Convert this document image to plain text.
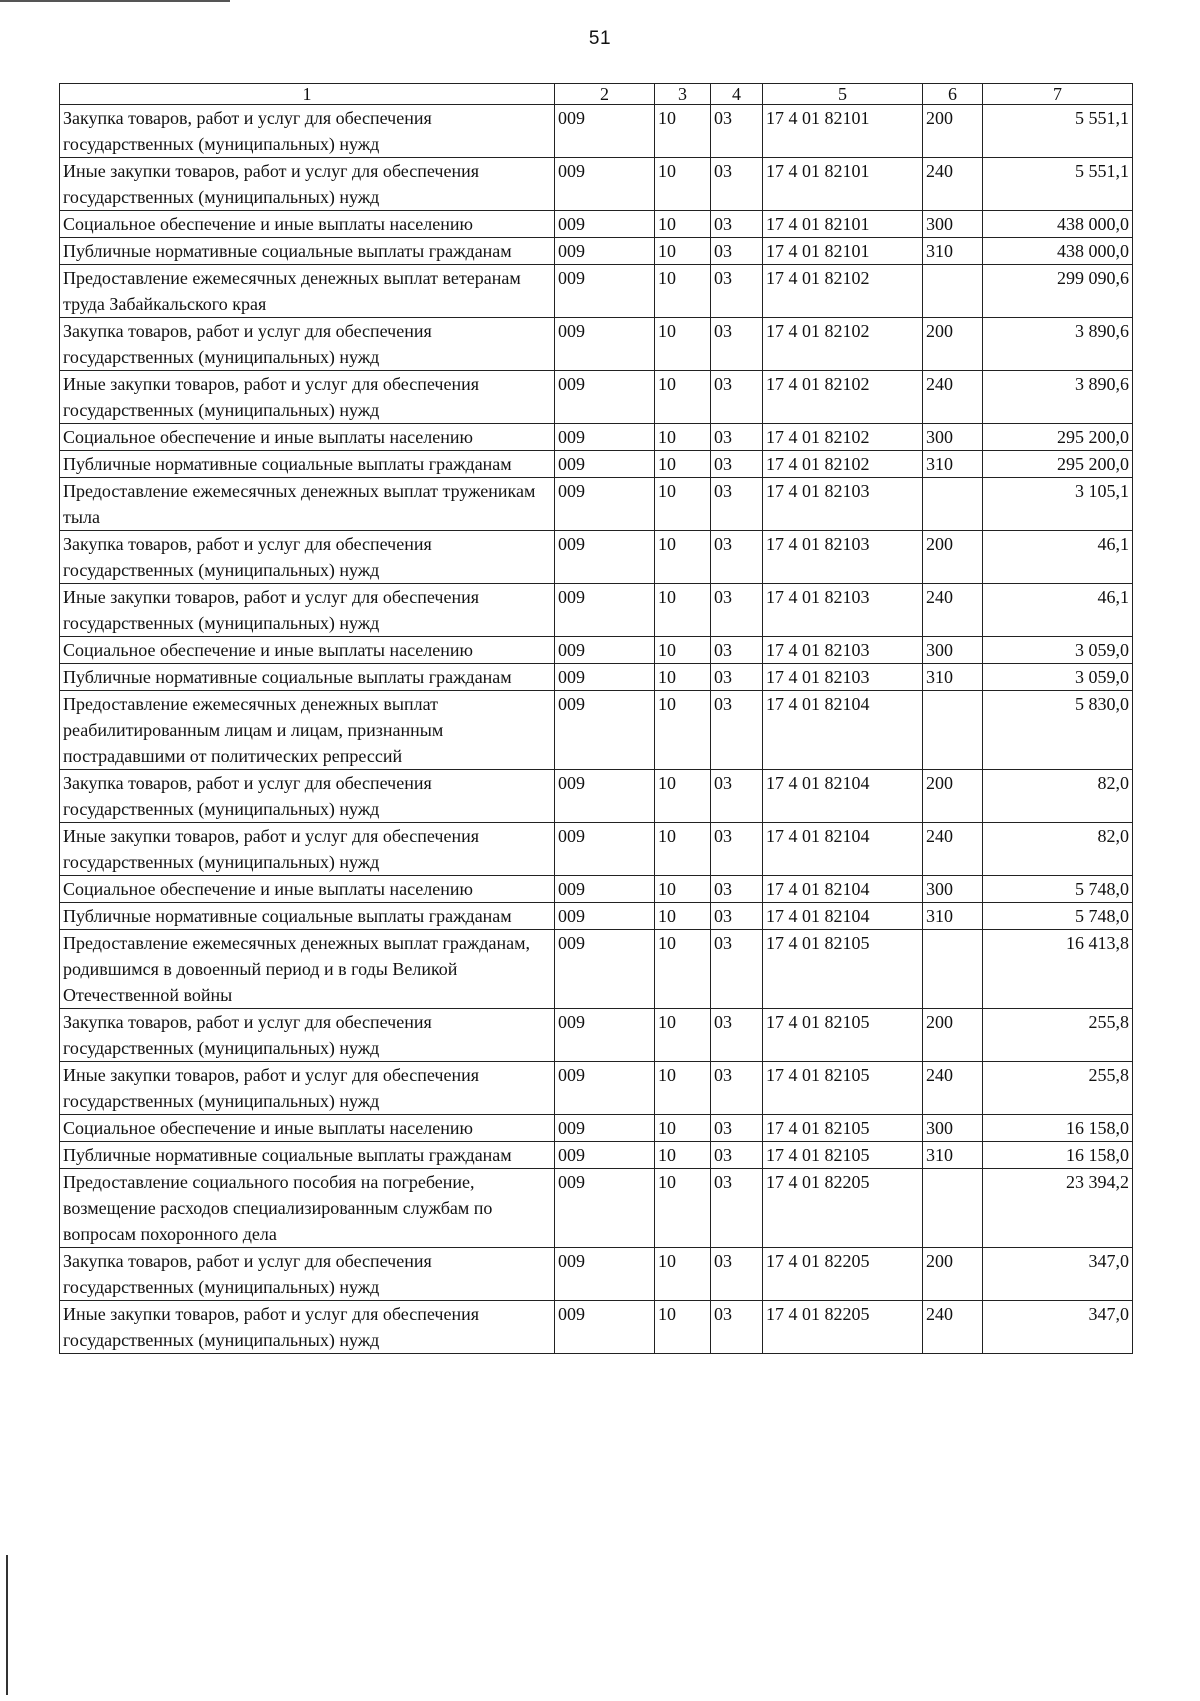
51
1	2	3	4	5	6	7
Закупка товаров, работ и услуг для обеспечения государственных (муниципальных) нужд	009	10	03	17 4 01 82101	200	5 551,1
Иные закупки товаров, работ и услуг для обеспечения государственных (муниципальных) нужд	009	10	03	17 4 01 82101	240	5 551,1
Социальное обеспечение и иные выплаты населению	009	10	03	17 4 01 82101	300	438 000,0
Публичные нормативные социальные выплаты гражданам	009	10	03	17 4 01 82101	310	438 000,0
Предоставление ежемесячных денежных выплат ветеранам труда Забайкальского края	009	10	03	17 4 01 82102		299 090,6
Закупка товаров, работ и услуг для обеспечения государственных (муниципальных) нужд	009	10	03	17 4 01 82102	200	3 890,6
Иные закупки товаров, работ и услуг для обеспечения государственных (муниципальных) нужд	009	10	03	17 4 01 82102	240	3 890,6
Социальное обеспечение и иные выплаты населению	009	10	03	17 4 01 82102	300	295 200,0
Публичные нормативные социальные выплаты гражданам	009	10	03	17 4 01 82102	310	295 200,0
Предоставление ежемесячных денежных выплат труженикам тыла	009	10	03	17 4 01 82103		3 105,1
Закупка товаров, работ и услуг для обеспечения государственных (муниципальных) нужд	009	10	03	17 4 01 82103	200	46,1
Иные закупки товаров, работ и услуг для обеспечения государственных (муниципальных) нужд	009	10	03	17 4 01 82103	240	46,1
Социальное обеспечение и иные выплаты населению	009	10	03	17 4 01 82103	300	3 059,0
Публичные нормативные социальные выплаты гражданам	009	10	03	17 4 01 82103	310	3 059,0
Предоставление ежемесячных денежных выплат реабилитированным лицам и лицам, признанным пострадавшими от политических репрессий	009	10	03	17 4 01 82104		5 830,0
Закупка товаров, работ и услуг для обеспечения государственных (муниципальных) нужд	009	10	03	17 4 01 82104	200	82,0
Иные закупки товаров, работ и услуг для обеспечения государственных (муниципальных) нужд	009	10	03	17 4 01 82104	240	82,0
Социальное обеспечение и иные выплаты населению	009	10	03	17 4 01 82104	300	5 748,0
Публичные нормативные социальные выплаты гражданам	009	10	03	17 4 01 82104	310	5 748,0
Предоставление ежемесячных денежных выплат гражданам, родившимся в довоенный период и в годы Великой Отечественной войны	009	10	03	17 4 01 82105		16 413,8
Закупка товаров, работ и услуг для обеспечения государственных (муниципальных) нужд	009	10	03	17 4 01 82105	200	255,8
Иные закупки товаров, работ и услуг для обеспечения государственных (муниципальных) нужд	009	10	03	17 4 01 82105	240	255,8
Социальное обеспечение и иные выплаты населению	009	10	03	17 4 01 82105	300	16 158,0
Публичные нормативные социальные выплаты гражданам	009	10	03	17 4 01 82105	310	16 158,0
Предоставление социального пособия на погребение, возмещение расходов специализированным службам по вопросам похоронного дела	009	10	03	17 4 01 82205		23 394,2
Закупка товаров, работ и услуг для обеспечения государственных (муниципальных) нужд	009	10	03	17 4 01 82205	200	347,0
Иные закупки товаров, работ и услуг для обеспечения государственных (муниципальных) нужд	009	10	03	17 4 01 82205	240	347,0
